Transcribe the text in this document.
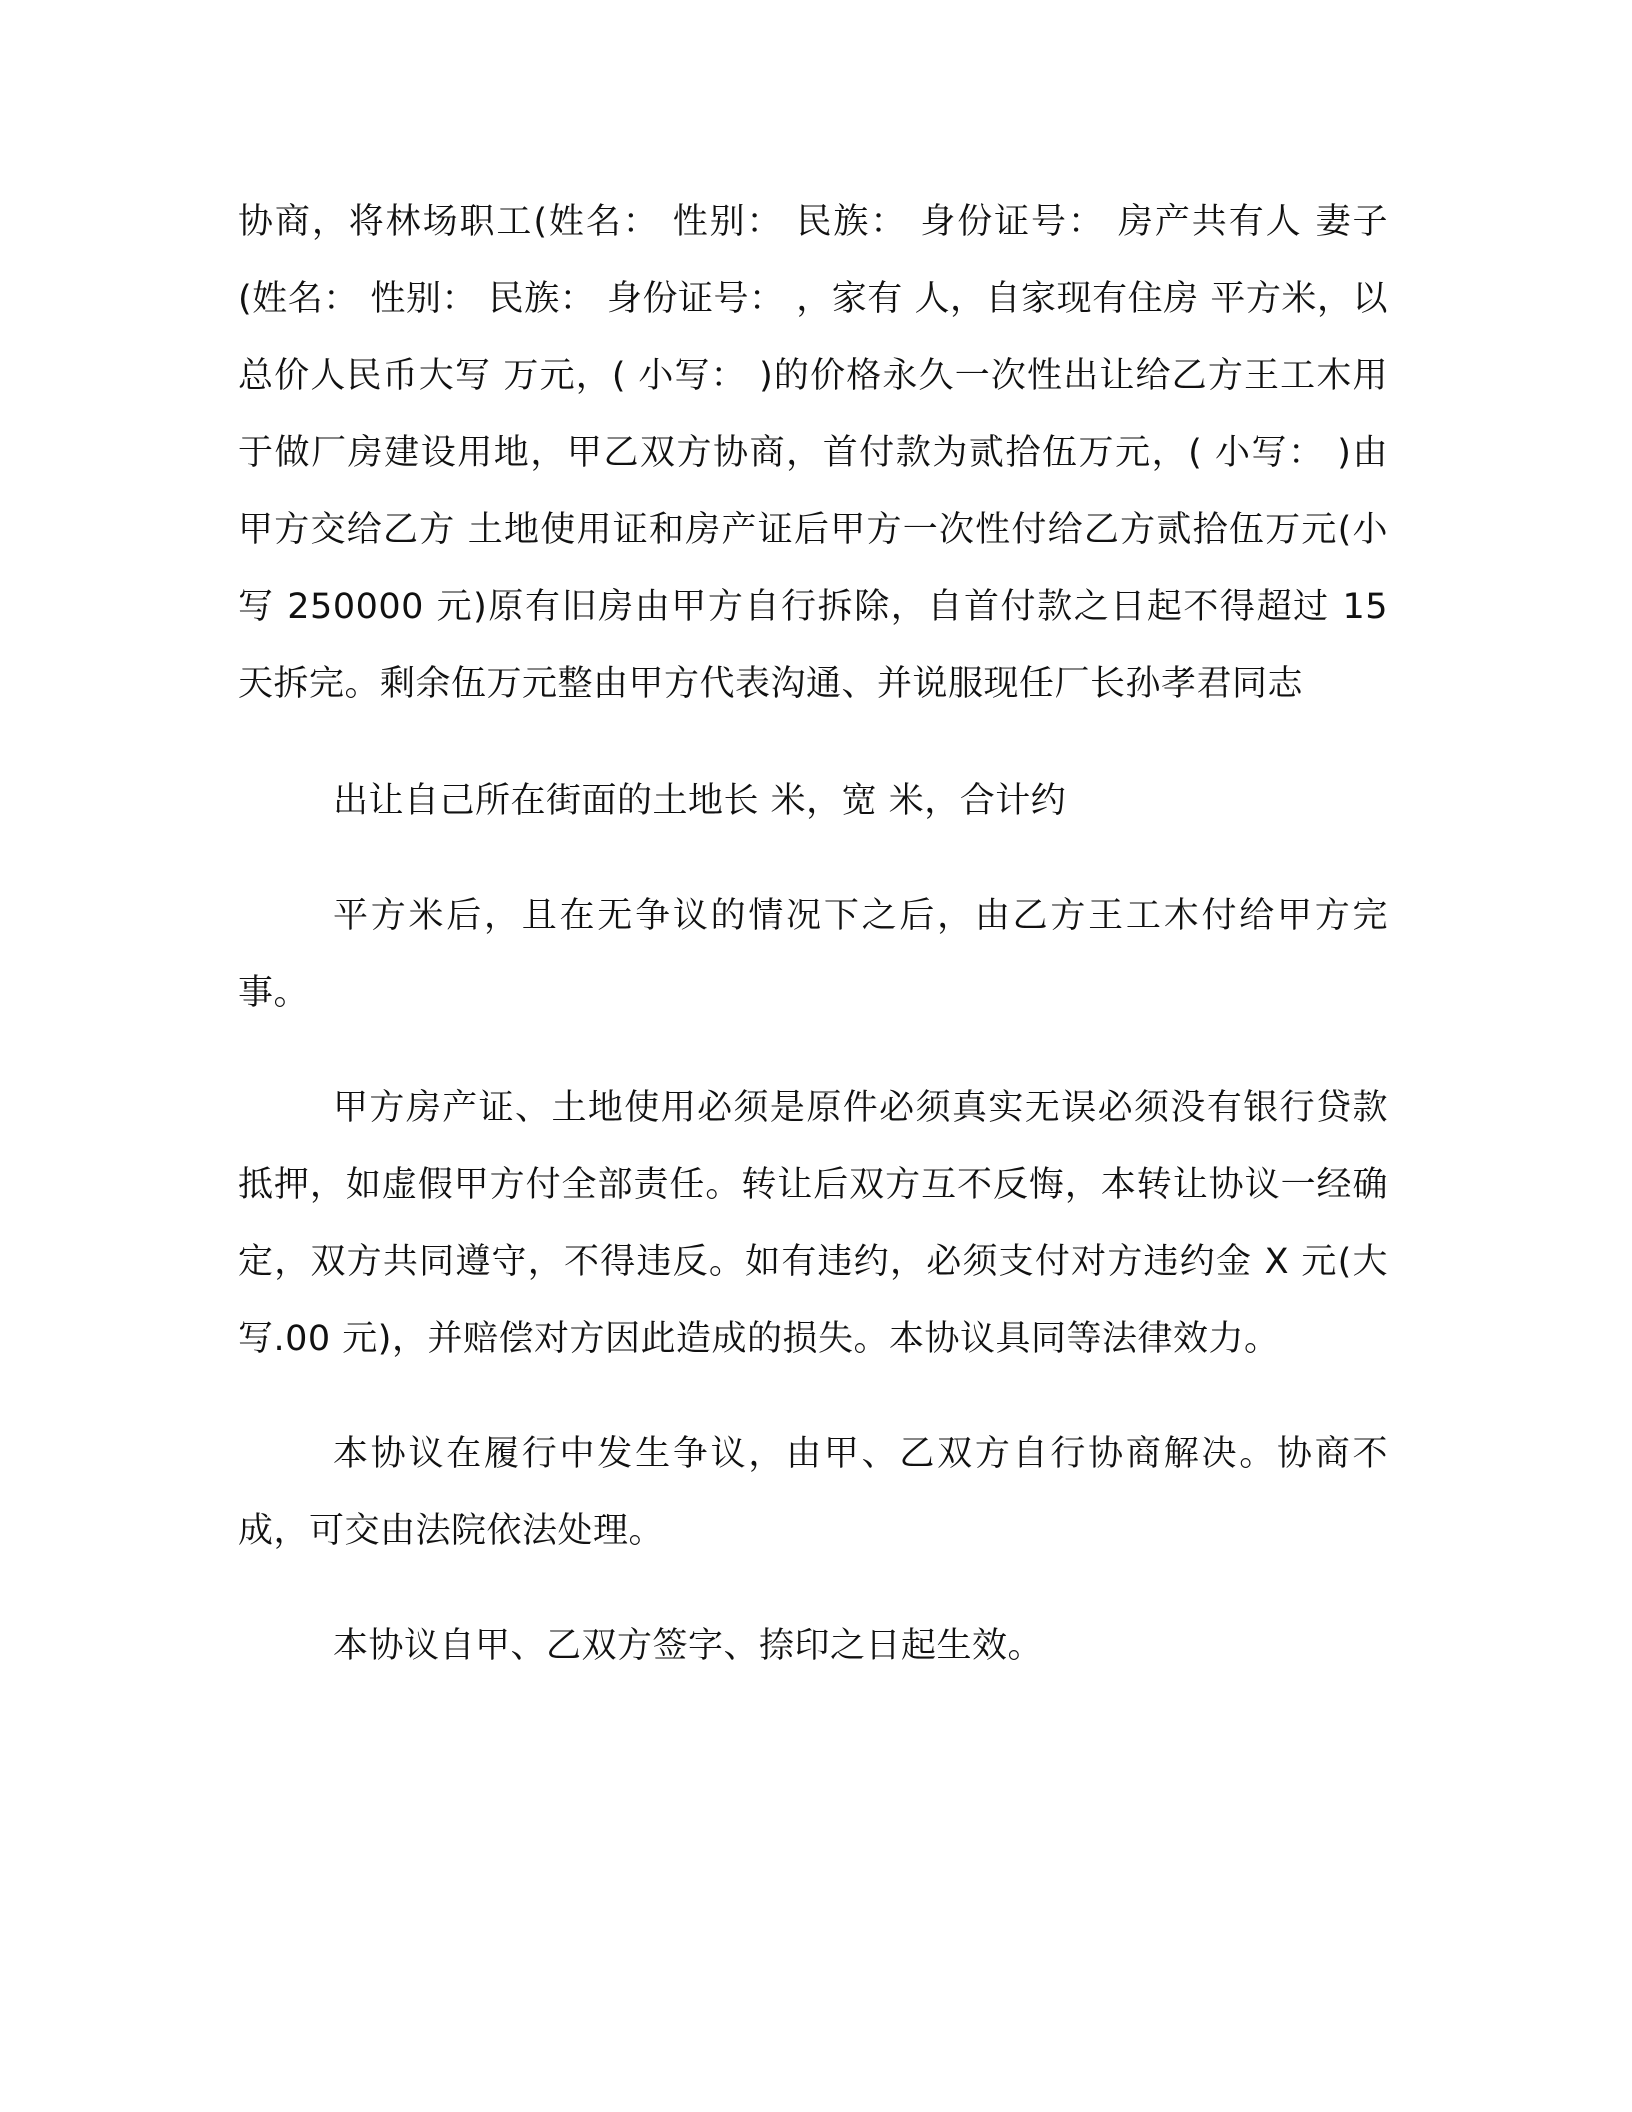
协商，将林场职工(姓名： 性别： 民族： 身份证号： 房产共有人 妻子(姓名： 性别： 民族： 身份证号： ，家有 人，自家现有住房 平方米，以总价人民币大写 万元，( 小写： )的价格永久一次性出让给乙方王工木用于做厂房建设用地，甲乙双方协商，首付款为贰拾伍万元，( 小写： )由甲方交给乙方 土地使用证和房产证后甲方一次性付给乙方贰拾伍万元(小写 250000 元)原有旧房由甲方自行拆除，自首付款之日起不得超过 15 天拆完。剩余伍万元整由甲方代表沟通、并说服现任厂长孙孝君同志

出让自己所在街面的土地长 米，宽 米，合计约

平方米后，且在无争议的情况下之后，由乙方王工木付给甲方完事。

甲方房产证、土地使用必须是原件必须真实无误必须没有银行贷款抵押，如虚假甲方付全部责任。转让后双方互不反悔，本转让协议一经确定，双方共同遵守，不得违反。如有违约，必须支付对方违约金 X 元(大写.00 元)，并赔偿对方因此造成的损失。本协议具同等法律效力。

本协议在履行中发生争议，由甲、乙双方自行协商解决。协商不成，可交由法院依法处理。

本协议自甲、乙双方签字、捺印之日起生效。
